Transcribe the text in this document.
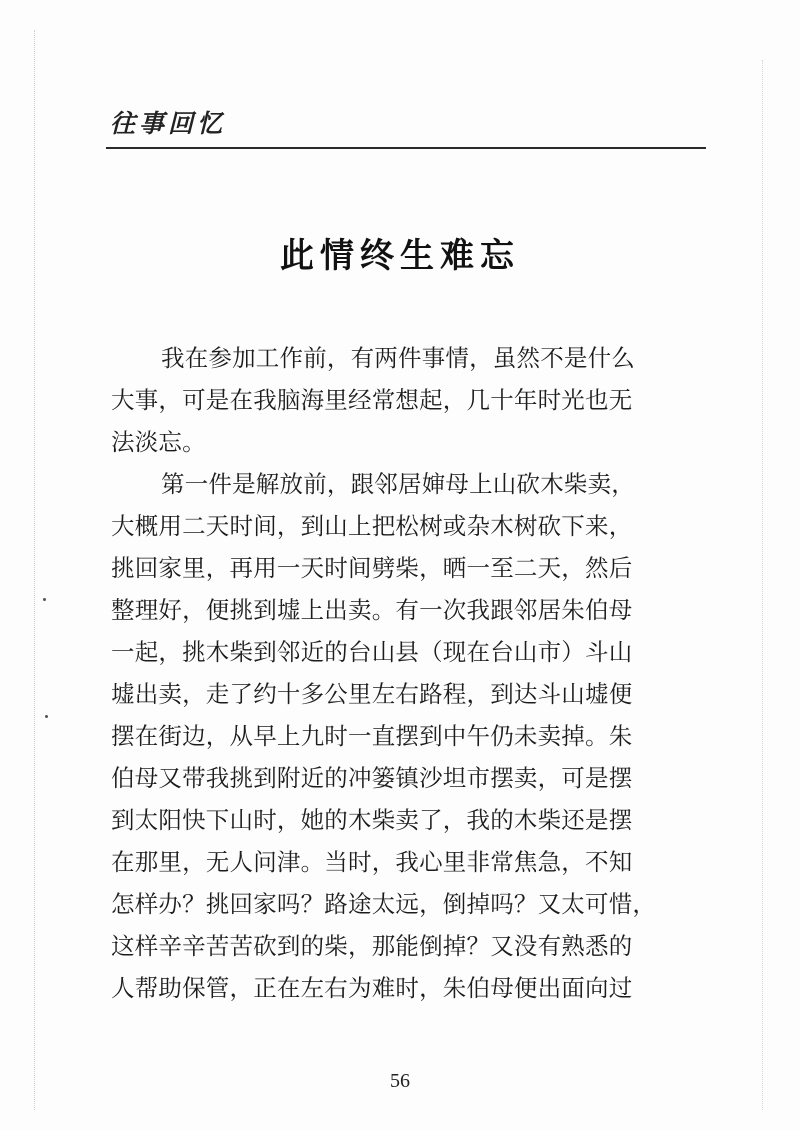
往事回忆
此情终生难忘
我在参加工作前，有两件事情，虽然不是什么
大事，可是在我脑海里经常想起，几十年时光也无
法淡忘。
第一件是解放前，跟邻居婶母上山砍木柴卖，
大概用二天时间，到山上把松树或杂木树砍下来，
挑回家里，再用一天时间劈柴，晒一至二天，然后
整理好，便挑到墟上出卖。有一次我跟邻居朱伯母
一起，挑木柴到邻近的台山县（现在台山市）斗山
墟出卖，走了约十多公里左右路程，到达斗山墟便
摆在街边，从早上九时一直摆到中午仍未卖掉。朱
伯母又带我挑到附近的冲篓镇沙坦市摆卖，可是摆
到太阳快下山时，她的木柴卖了，我的木柴还是摆
在那里，无人问津。当时，我心里非常焦急，不知
怎样办？挑回家吗？路途太远，倒掉吗？又太可惜，
这样辛辛苦苦砍到的柴，那能倒掉？又没有熟悉的
人帮助保管，正在左右为难时，朱伯母便出面向过
56
